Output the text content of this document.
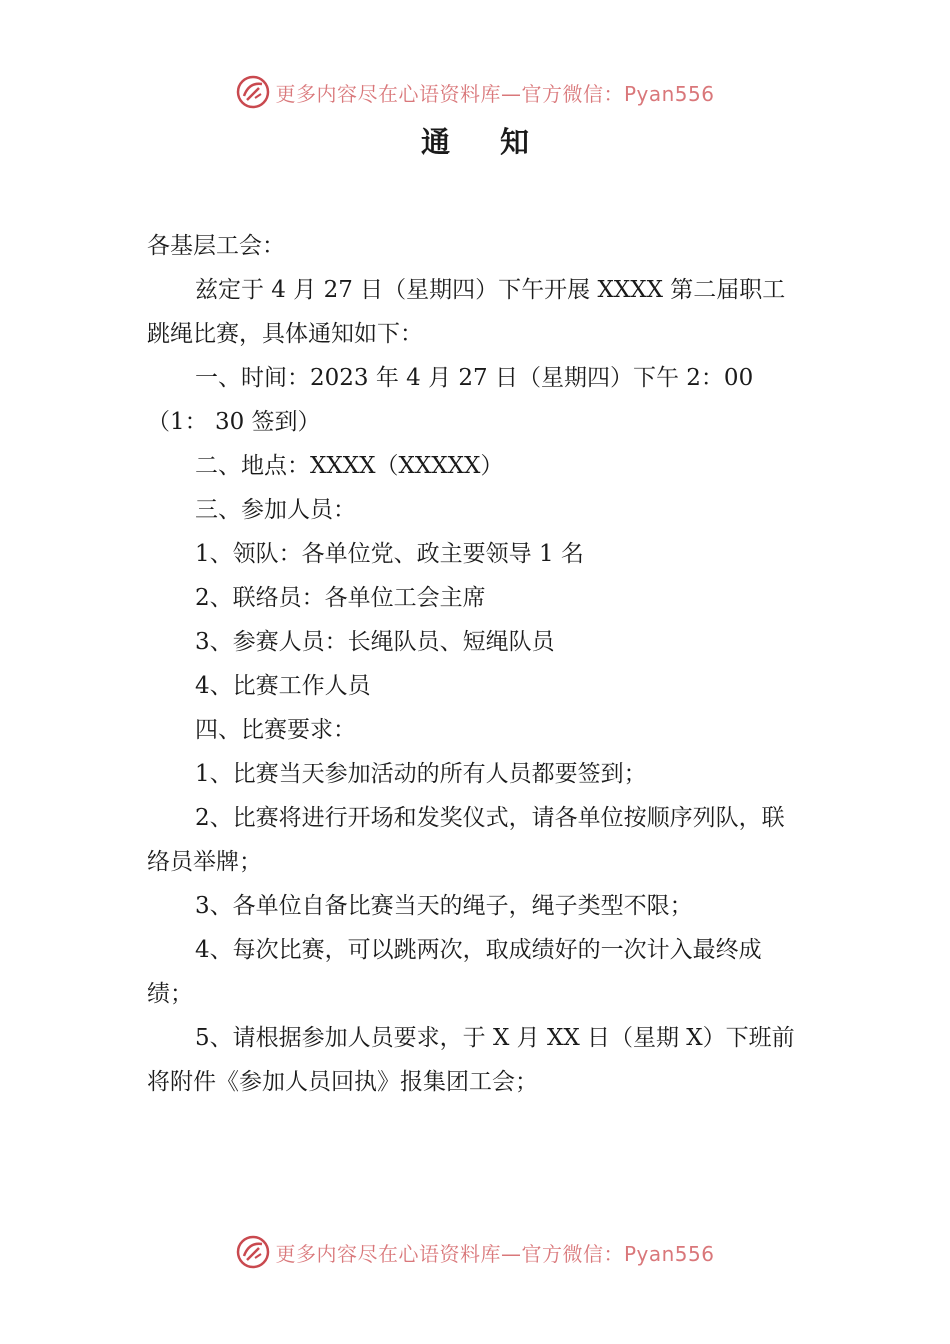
更多内容尽在心语资料库—官方微信：Pyan556
通 知

各基层工会：

兹定于 4 月 27 日（星期四）下午开展 XXXX 第二届职工跳绳比赛，具体通知如下：

一、时间：2023 年 4 月 27 日（星期四）下午 2：00（1： 30 签到）

二、地点：XXXX（XXXXX）

三、参加人员：

1、领队：各单位党、政主要领导 1 名

2、联络员：各单位工会主席

3、参赛人员：长绳队员、短绳队员

4、比赛工作人员

四、比赛要求：

1、比赛当天参加活动的所有人员都要签到；

2、比赛将进行开场和发奖仪式，请各单位按顺序列队，联络员举牌；

3、各单位自备比赛当天的绳子，绳子类型不限；

4、每次比赛，可以跳两次，取成绩好的一次计入最终成绩；

5、请根据参加人员要求，于 X 月 XX 日（星期 X）下班前将附件《参加人员回执》报集团工会；

更多内容尽在心语资料库—官方微信：Pyan556
